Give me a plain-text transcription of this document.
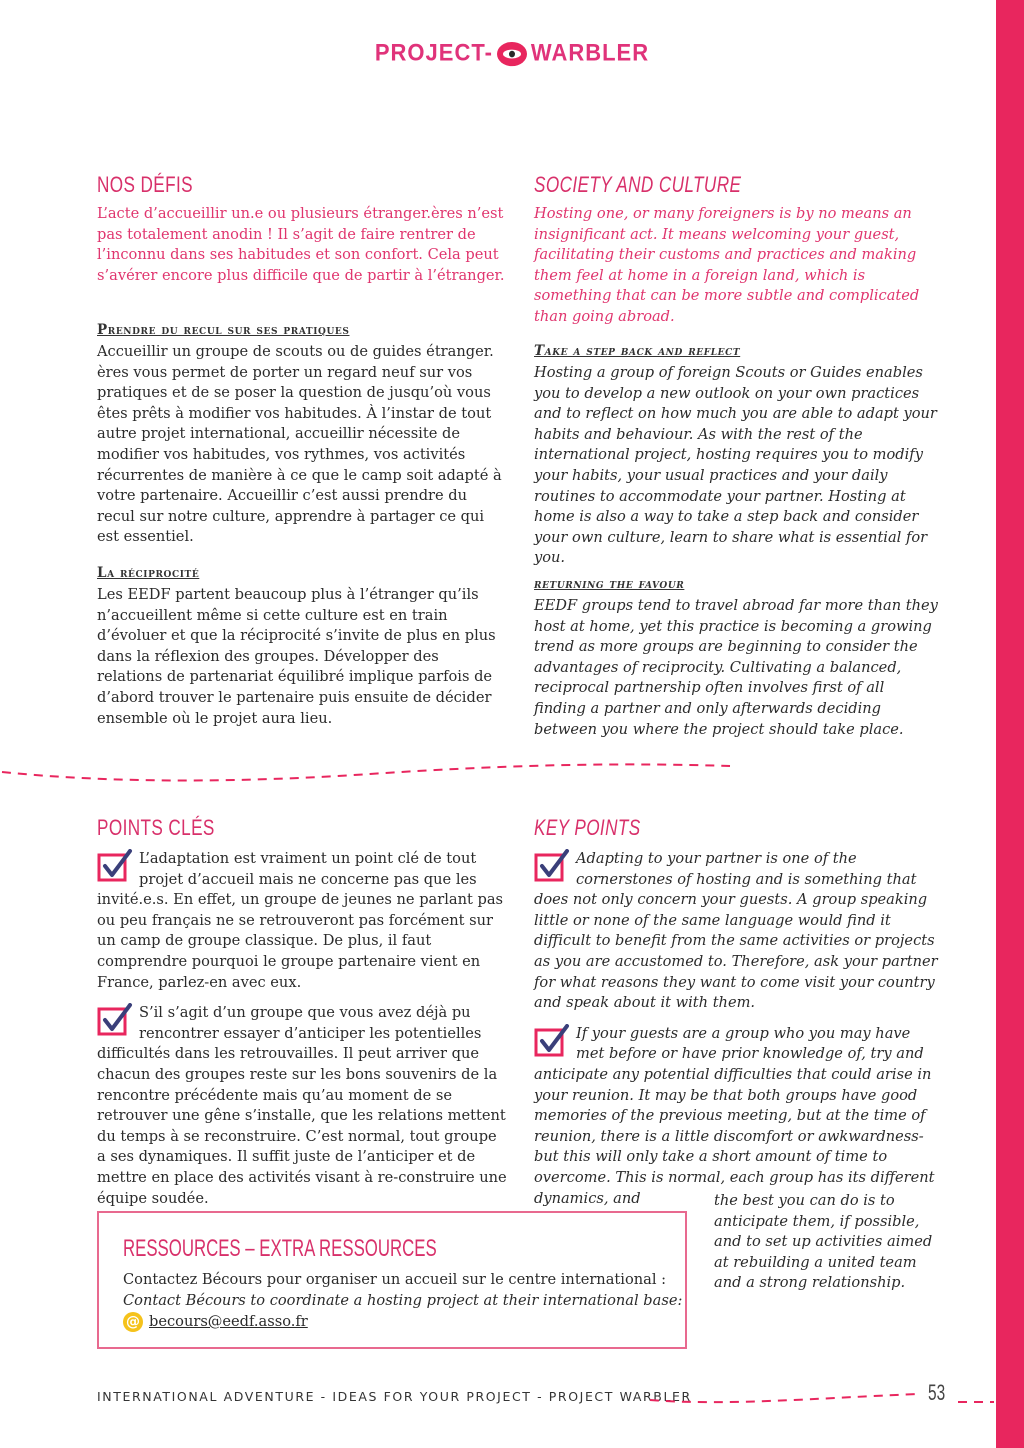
PROJECT- WARBLER
NOS DÉFIS

L’acte d’accueillir un.e ou plusieurs étranger.ères n’est pas totalement anodin ! Il s’agit de faire rentrer de l’inconnu dans ses habitudes et son confort. Cela peut s’avérer encore plus difficile que de partir à l’étranger.

SOCIETY AND CULTURE

Hosting one, or many foreigners is by no means an insignificant act. It means welcoming your guest, facilitating their customs and practices and making them feel at home in a foreign land, which is something that can be more subtle and complicated than going abroad.

Prendre du recul sur ses pratiques

Accueillir un groupe de scouts ou de guides étranger. ères vous permet de porter un regard neuf sur vos pratiques et de se poser la question de jusqu’où vous êtes prêts à modifier vos habitudes. À l’instar de tout autre projet international, accueillir nécessite de modifier vos habitudes, vos rythmes, vos activités récurrentes de manière à ce que le camp soit adapté à votre partenaire. Accueillir c’est aussi prendre du recul sur notre culture, apprendre à partager ce qui est essentiel.

Take a step back and reflect

Hosting a group of foreign Scouts or Guides enables you to develop a new outlook on your own practices and to reflect on how much you are able to adapt your habits and behaviour. As with the rest of the international project, hosting requires you to modify your habits, your usual practices and your daily routines to accommodate your partner. Hosting at home is also a way to take a step back and consider your own culture, learn to share what is essential for you.

La réciprocité

Les EEDF partent beaucoup plus à l’étranger qu’ils n’accueillent même si cette culture est en train d’évoluer et que la réciprocité s’invite de plus en plus dans la réflexion des groupes. Développer des relations de partenariat équilibré implique parfois de d’abord trouver le partenaire puis ensuite de décider ensemble où le projet aura lieu.

returning the favour

EEDF groups tend to travel abroad far more than they host at home, yet this practice is becoming a growing trend as more groups are beginning to consider the advantages of reciprocity. Cultivating a balanced, reciprocal partnership often involves first of all finding a partner and only afterwards deciding between you where the project should take place.

POINTS CLÉS

L’adaptation est vraiment un point clé de tout projet d’accueil mais ne concerne pas que les invité.e.s. En effet, un groupe de jeunes ne parlant pas ou peu français ne se retrouveront pas forcément sur un camp de groupe classique. De plus, il faut comprendre pourquoi le groupe partenaire vient en France, parlez-en avec eux.

S’il s’agit d’un groupe que vous avez déjà pu rencontrer essayer d’anticiper les potentielles difficultés dans les retrouvailles. Il peut arriver que chacun des groupes reste sur les bons souvenirs de la rencontre précédente mais qu’au moment de se retrouver une gêne s’installe, que les relations mettent du temps à se reconstruire. C’est normal, tout groupe a ses dynamiques. Il suffit juste de l’anticiper et de mettre en place des activités visant à re-construire une équipe soudée.

KEY POINTS

Adapting to your partner is one of the cornerstones of hosting and is something that does not only concern your guests. A group speaking little or none of the same language would find it difficult to benefit from the same activities or projects as you are accustomed to. Therefore, ask your partner for what reasons they want to come visit your country and speak about it with them.

If your guests are a group who you may have met before or have prior knowledge of, try and anticipate any potential difficulties that could arise in your reunion. It may be that both groups have good memories of the previous meeting, but at the time of reunion, there is a little discomfort or awkwardness- but this will only take a short amount of time to overcome. This is normal, each group has its different dynamics, and	the best you can do is to anticipate them, if possible, and to set up activities aimed at rebuilding a united team and a strong relationship.

RESSOURCES – EXTRA RESSOURCES
Contactez Bécours pour organiser un accueil sur le centre international :
Contact Bécours to coordinate a hosting project at their international base:
@ becours@eedf.asso.fr
INTERNATIONAL ADVENTURE - IDEAS FOR YOUR PROJECT - PROJECT WARBLER	53
